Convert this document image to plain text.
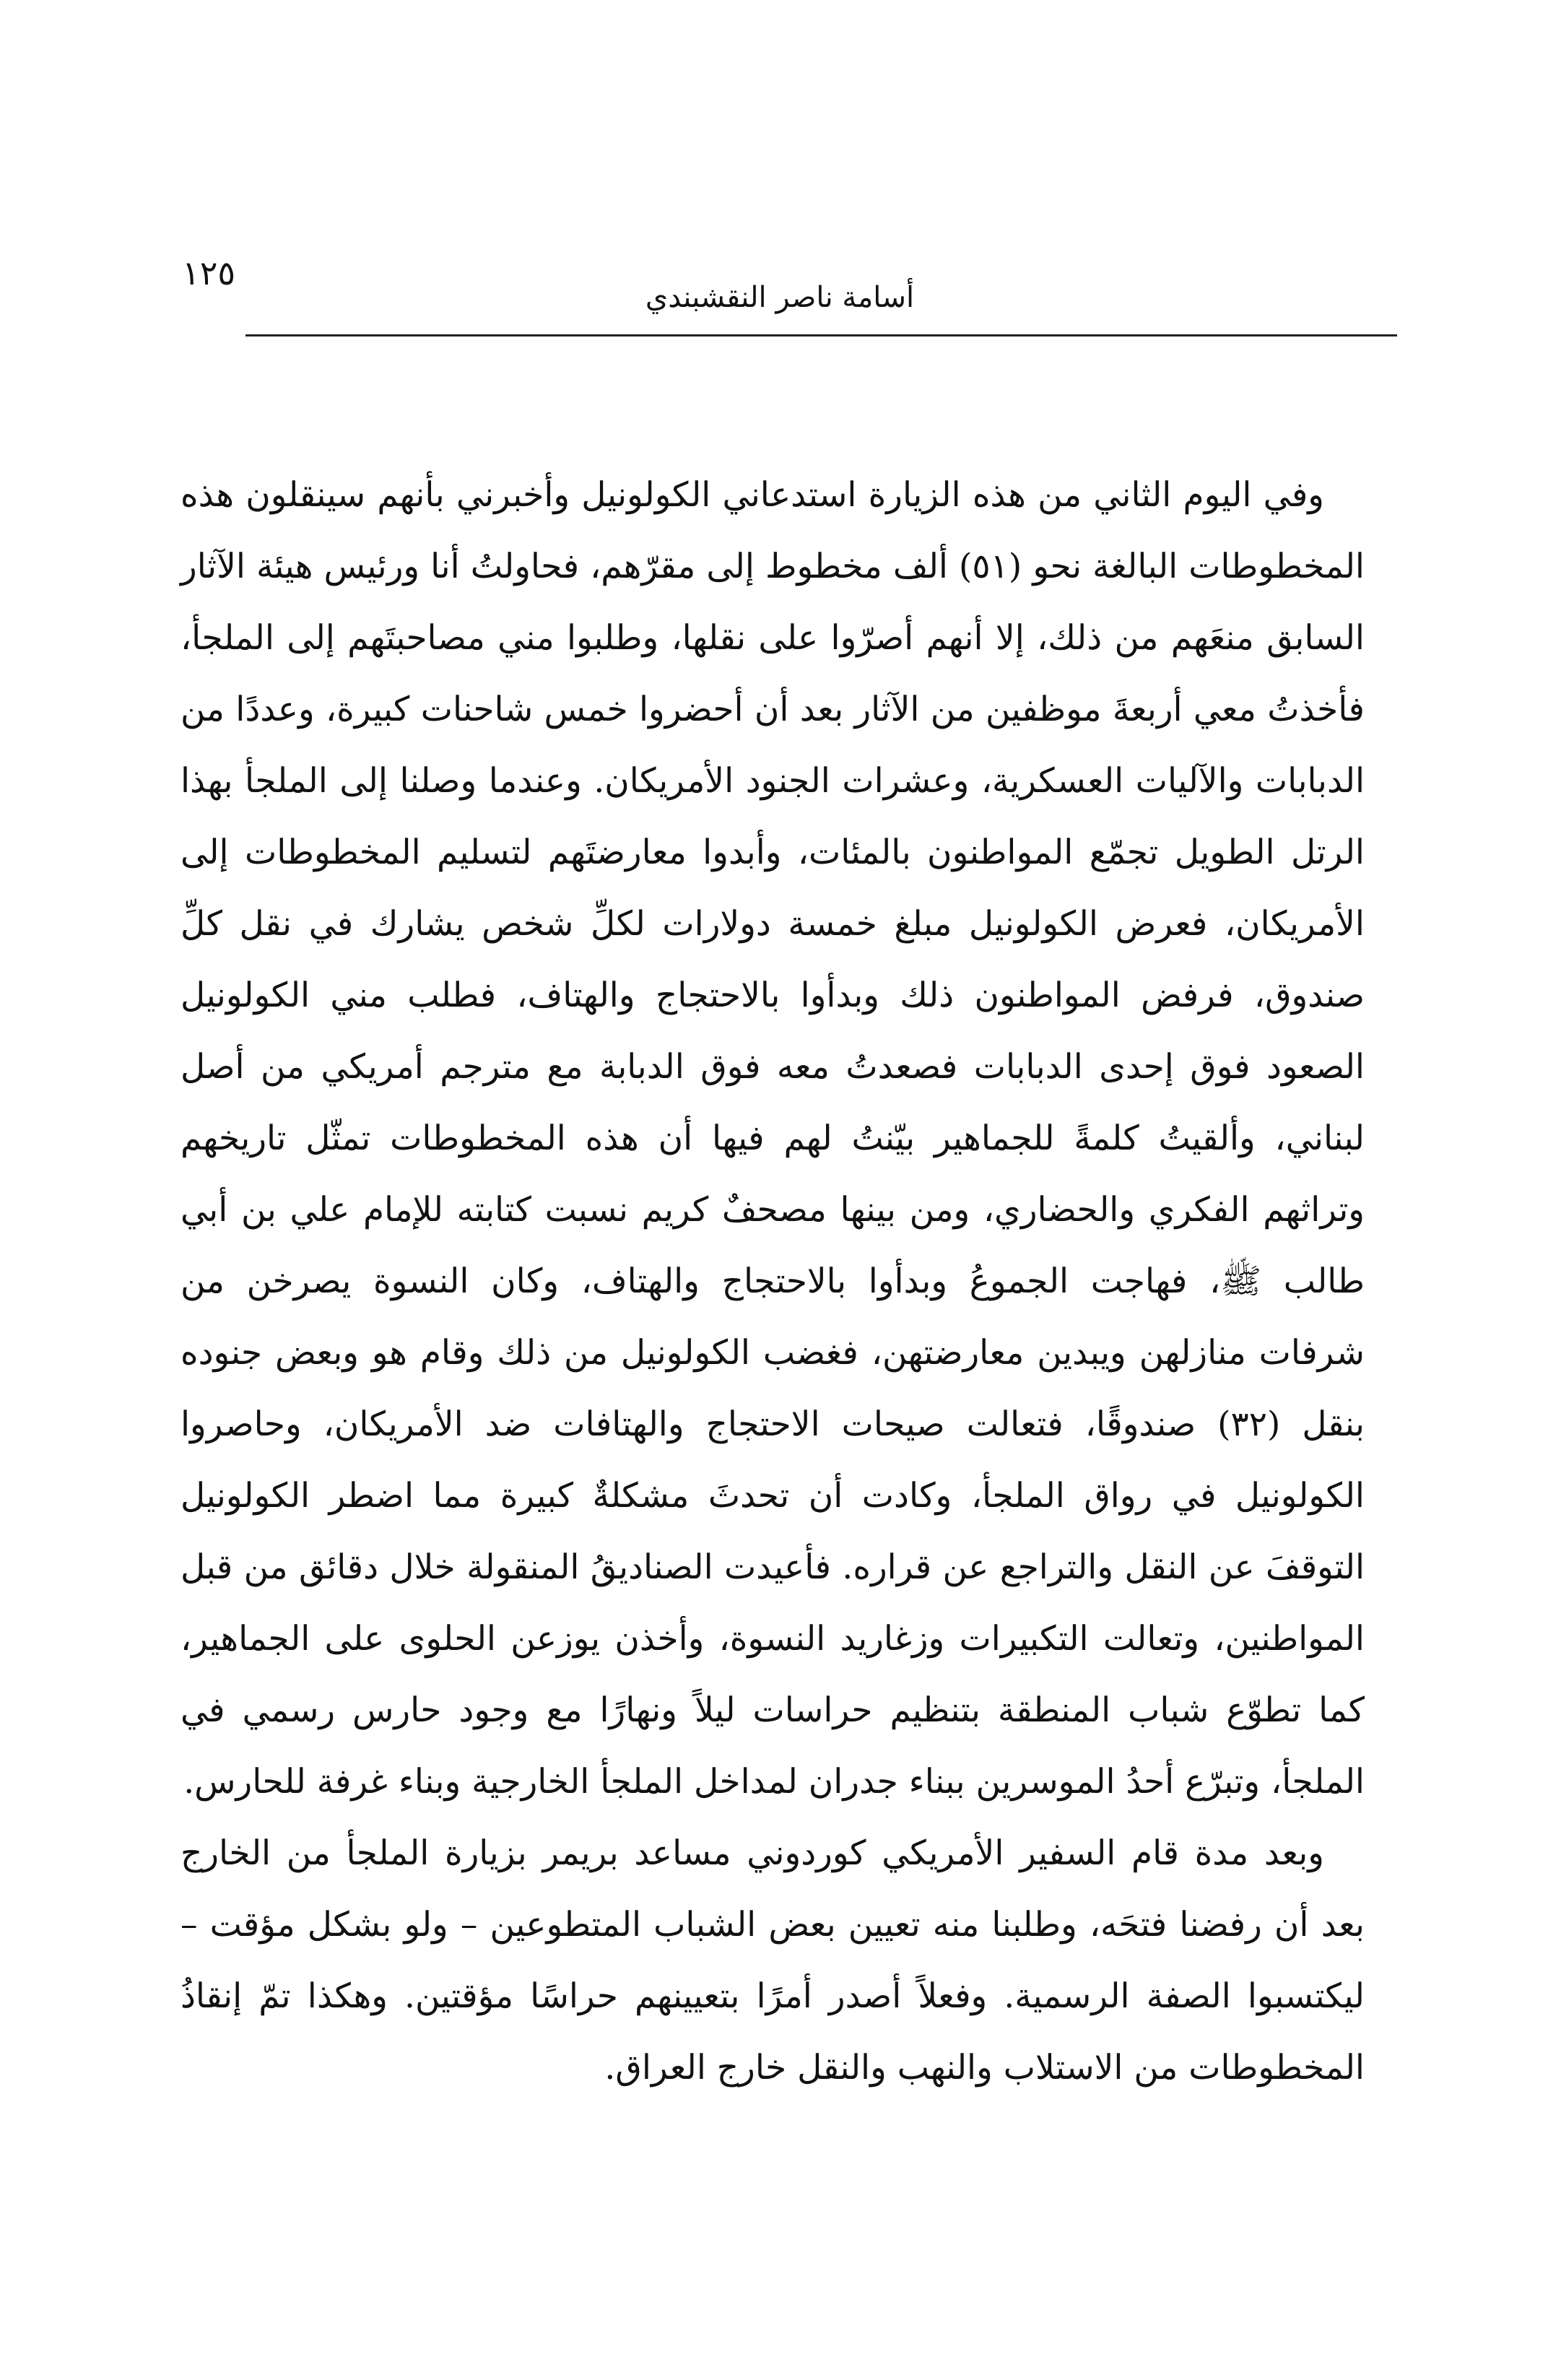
١٢٥
أسامة ناصر النقشبندي

وفي اليوم الثاني من هذه الزيارة استدعاني الكولونيل وأخبرني بأنهم سينقلون هذه المخطوطات البالغة نحو (٥١) ألف مخطوط إلى مقرّهم، فحاولتُ أنا ورئيس هيئة الآثار السابق منعَهم من ذلك، إلا أنهم أصرّوا على نقلها، وطلبوا مني مصاحبتَهم إلى الملجأ، فأخذتُ معي أربعةَ موظفين من الآثار بعد أن أحضروا خمس شاحنات كبيرة، وعددًا من الدبابات والآليات العسكرية، وعشرات الجنود الأمريكان. وعندما وصلنا إلى الملجأ بهذا الرتل الطويل تجمّع المواطنون بالمئات، وأبدوا معارضتَهم لتسليم المخطوطات إلى الأمريكان، فعرض الكولونيل مبلغ خمسة دولارات لكلِّ شخص يشارك في نقل كلِّ صندوق، فرفض المواطنون ذلك وبدأوا بالاحتجاج والهتاف، فطلب مني الكولونيل الصعود فوق إحدى الدبابات فصعدتُ معه فوق الدبابة مع مترجم أمريكي من أصل لبناني، وألقيتُ كلمةً للجماهير بيّنتُ لهم فيها أن هذه المخطوطات تمثّل تاريخهم وتراثهم الفكري والحضاري، ومن بينها مصحفٌ كريم نسبت كتابته للإمام علي بن أبي طالب ﷺ، فهاجت الجموعُ وبدأوا بالاحتجاج والهتاف، وكان النسوة يصرخن من شرفات منازلهن ويبدين معارضتهن، فغضب الكولونيل من ذلك وقام هو وبعض جنوده بنقل (٣٢) صندوقًا، فتعالت صيحات الاحتجاج والهتافات ضد الأمريكان، وحاصروا الكولونيل في رواق الملجأ، وكادت أن تحدثَ مشكلةٌ كبيرة مما اضطر الكولونيل التوقفَ عن النقل والتراجع عن قراره. فأعيدت الصناديقُ المنقولة خلال دقائق من قبل المواطنين، وتعالت التكبيرات وزغاريد النسوة، وأخذن يوزعن الحلوى على الجماهير، كما تطوّع شباب المنطقة بتنظيم حراسات ليلاً ونهارًا مع وجود حارس رسمي في الملجأ، وتبرّع أحدُ الموسرين ببناء جدران لمداخل الملجأ الخارجية وبناء غرفة للحارس.

وبعد مدة قام السفير الأمريكي كوردوني مساعد بريمر بزيارة الملجأ من الخارج بعد أن رفضنا فتحَه، وطلبنا منه تعيين بعض الشباب المتطوعين – ولو بشكل مؤقت – ليكتسبوا الصفة الرسمية. وفعلاً أصدر أمرًا بتعيينهم حراسًا مؤقتين. وهكذا تمّ إنقاذُ المخطوطات من الاستلاب والنهب والنقل خارج العراق.
